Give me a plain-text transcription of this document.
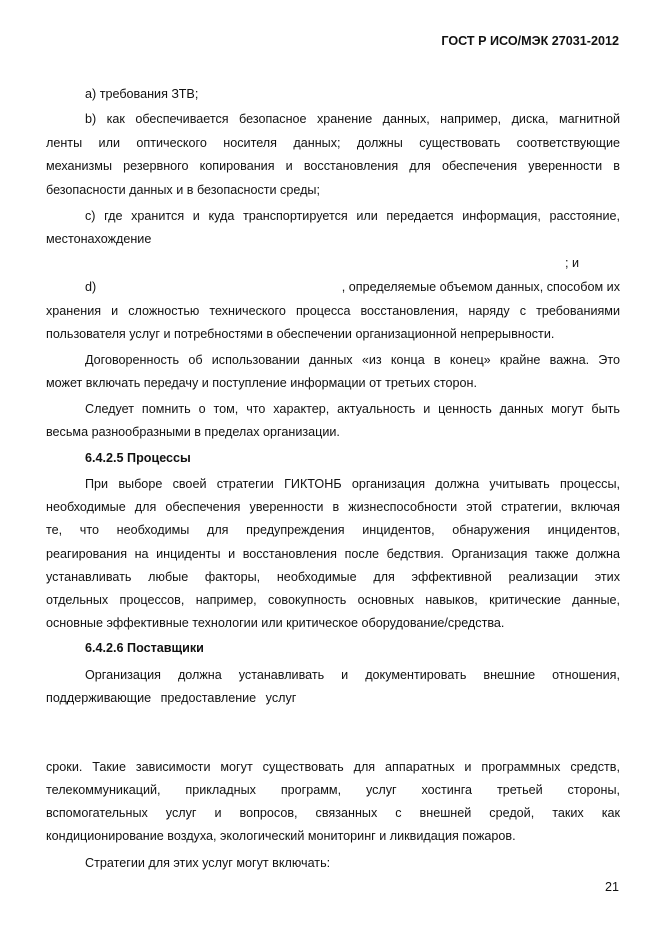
ГОСТ Р ИСО/МЭК 27031-2012
a) требования ЗТВ;
b) как обеспечивается безопасное хранение данных, например, диска, магнитной
ленты или оптического носителя данных; должны существовать соответствующие
механизмы резервного копирования и восстановления для обеспечения уверенности в
безопасности данных и в безопасности среды;
c) где хранится и куда транспортируется или передается информация, расстояние,
местонахождение
; и
d)	, определяемые объемом данных, способом их
хранения и сложностью технического процесса восстановления, наряду с требованиями
пользователя услуг и потребностями в обеспечении организационной непрерывности.
Договоренность об использовании данных «из конца в конец» крайне важна. Это
может включать передачу и поступление информации от третьих сторон.
Следует помнить о том, что характер, актуальность и ценность данных могут быть
весьма разнообразными в пределах организации.
6.4.2.5 Процессы
При выборе своей стратегии ГИКТОНБ организация должна учитывать процессы,
необходимые для обеспечения уверенности в жизнеспособности этой стратегии, включая
те, что необходимы для предупреждения инцидентов, обнаружения инцидентов,
реагирования на инциденты и восстановления после бедствия. Организация также должна
устанавливать любые факторы, необходимые для эффективной реализации этих
отдельных процессов, например, совокупность основных навыков, критические данные,
основные эффективные технологии или критическое оборудование/средства.
6.4.2.6 Поставщики
Организация должна устанавливать и документировать внешние отношения,
поддерживающие предоставление услуг
сроки. Такие зависимости могут существовать для аппаратных и программных средств,
телекоммуникаций, прикладных программ, услуг хостинга третьей стороны,
вспомогательных услуг и вопросов, связанных с внешней средой, таких как
кондиционирование воздуха, экологический мониторинг и ликвидация пожаров.
Стратегии для этих услуг могут включать:
21
